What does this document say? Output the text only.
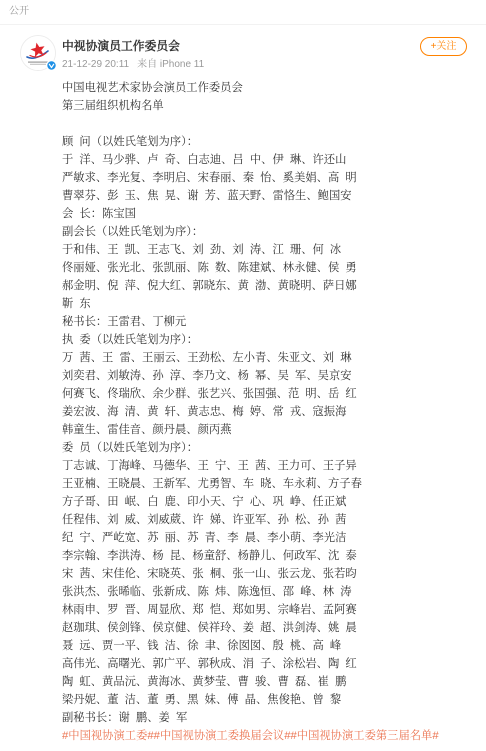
公开
中视协演员工作委员会
21-12-29 20:11 来自 iPhone 11
+关注
中国电视艺术家协会演员工作委员会
第三届组织机构名单
顾 问（以姓氏笔划为序）：
于 洋、马少骅、卢 奇、白志迪、吕 中、伊 琳、许还山
严敏求、李光复、李明启、宋春丽、秦 怡、奚美娟、高 明
曹翠芬、彭 玉、焦 晃、谢 芳、蓝天野、雷恪生、鲍国安
会 长：陈宝国
副会长（以姓氏笔划为序）：
于和伟、王 凯、王志飞、刘 劲、刘 涛、江 珊、何 冰
佟丽娅、张光北、张凯丽、陈 数、陈建斌、林永健、侯 勇
郝金明、倪 萍、倪大红、郭晓东、黄 渤、黄晓明、萨日娜
靳 东
秘书长：王雷君、丁柳元
执 委（以姓氏笔划为序）：
万 茜、王 雷、王丽云、王劲松、左小青、朱亚文、刘 琳
刘奕君、刘敏涛、孙 淳、李乃文、杨 幂、吴 军、吴京安
何赛飞、佟瑞欣、余少群、张艺兴、张国强、范 明、岳 红
姜宏波、海 清、黄 轩、黄志忠、梅 婷、常 戎、寇振海
韩童生、雷佳音、颜丹晨、颜丙燕
委 员（以姓氏笔划为序）：
丁志诚、丁海峰、马德华、王 宁、王 茜、王力可、王子异
王亚楠、王晓晨、王新军、尤勇智、车 晓、车永莉、方子春
方子哥、田 岷、白 鹿、印小天、宁 心、巩 峥、任正斌
任程伟、刘 威、刘威葳、许 娣、许亚军、孙 松、孙 茜
纪 宁、严屹宽、苏 丽、苏 青、李 晨、李小萌、李光洁
李宗翰、李洪涛、杨 昆、杨童舒、杨静儿、何政军、沈 泰
宋 茜、宋佳伦、宋晓英、张 桐、张一山、张云龙、张若昀
张洪杰、张晞临、张新成、陈 炜、陈逸恒、邵 峰、林 涛
林雨申、罗 晋、周显欣、郑 恺、郑如男、宗峰岩、孟阿赛
赵珈琪、侯剑锋、侯京健、侯祥玲、姜 超、洪剑涛、姚 晨
聂 远、贾一平、钱 洁、徐 聿、徐囡囡、殷 桃、高 峰
高伟光、高曙光、郭广平、郭秋成、涓 子、涂松岩、陶 红
陶 虹、黄品沅、黄海冰、黄梦莹、曹 骏、曹 磊、崔 鹏
梁丹妮、董 洁、董 勇、黑 妹、傅 晶、焦俊艳、曾 黎
副秘书长：谢 鹏、姜 军
#中国视协演工委##中国视协演工委换届会议##中国视协演工委第三届名单#
